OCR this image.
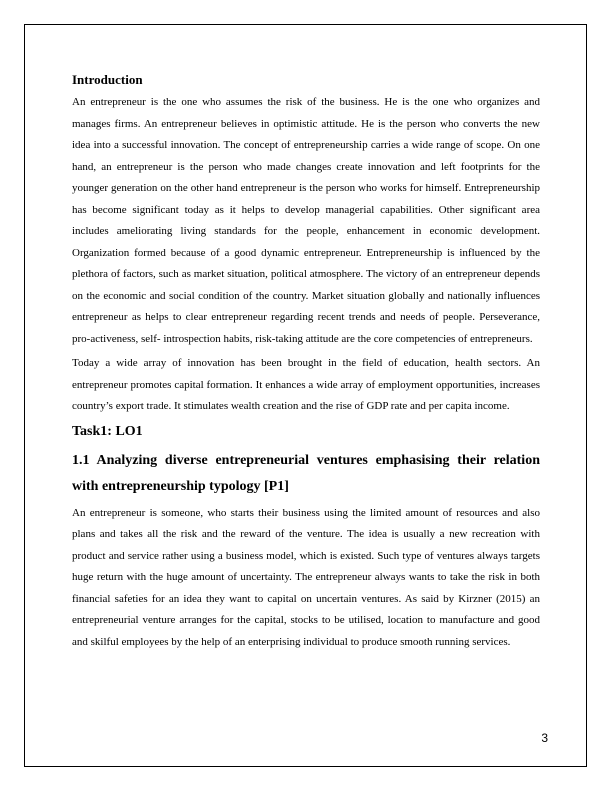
Introduction

An entrepreneur is the one who assumes the risk of the business. He is the one who organizes and manages firms. An entrepreneur believes in optimistic attitude. He is the person who converts the new idea into a successful innovation. The concept of entrepreneurship carries a wide range of scope. On one hand, an entrepreneur is the person who made changes create innovation and left footprints for the younger generation on the other hand entrepreneur is the person who works for himself. Entrepreneurship has become significant today as it helps to develop managerial capabilities. Other significant area includes ameliorating living standards for the people, enhancement in economic development. Organization formed because of a good dynamic entrepreneur. Entrepreneurship is influenced by the plethora of factors, such as market situation, political atmosphere. The victory of an entrepreneur depends on the economic and social condition of the country. Market situation globally and nationally influences entrepreneur as helps to clear entrepreneur regarding recent trends and needs of people. Perseverance, pro-activeness, self- introspection habits, risk-taking attitude are the core competencies of entrepreneurs.

Today a wide array of innovation has been brought in the field of education, health sectors. An entrepreneur promotes capital formation. It enhances a wide array of employment opportunities, increases country’s export trade. It stimulates wealth creation and the rise of GDP rate and per capita income.

Task1: LO1
1.1 Analyzing diverse entrepreneurial ventures emphasising their relation with entrepreneurship typology [P1]

An entrepreneur is someone, who starts their business using the limited amount of resources and also plans and takes all the risk and the reward of the venture. The idea is usually a new recreation with product and service rather using a business model, which is existed. Such type of ventures always targets huge return with the huge amount of uncertainty. The entrepreneur always wants to take the risk in both financial safeties for an idea they want to capital on uncertain ventures. As said by Kirzner (2015) an entrepreneurial venture arranges for the capital, stocks to be utilised, location to manufacture and good and skilful employees by the help of an enterprising individual to produce smooth running services.

3
